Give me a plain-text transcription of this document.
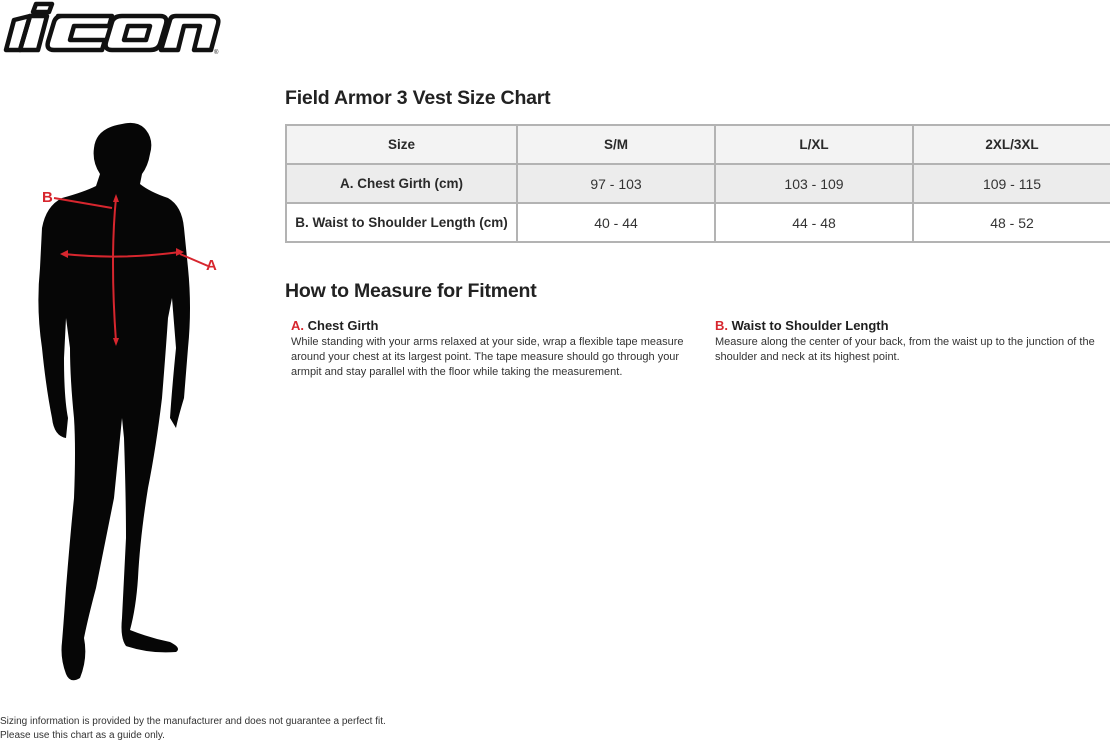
®
B
A
Field Armor 3 Vest Size Chart
Size	S/M	L/XL	2XL/3XL
A. Chest Girth (cm)	97 - 103	103 - 109	109 - 115
B. Waist to Shoulder Length (cm)	40 - 44	44 - 48	48 - 52
How to Measure for Fitment

A. Chest Girth

While standing with your arms relaxed at your side, wrap a flexible tape measure around your chest at its largest point. The tape measure should go through your armpit and stay parallel with the floor while taking the measurement.

B. Waist to Shoulder Length

Measure along the center of your back, from the waist up to the junction of the shoulder and neck at its highest point.

Sizing information is provided by the manufacturer and does not guarantee a perfect fit.
Please use this chart as a guide only.
